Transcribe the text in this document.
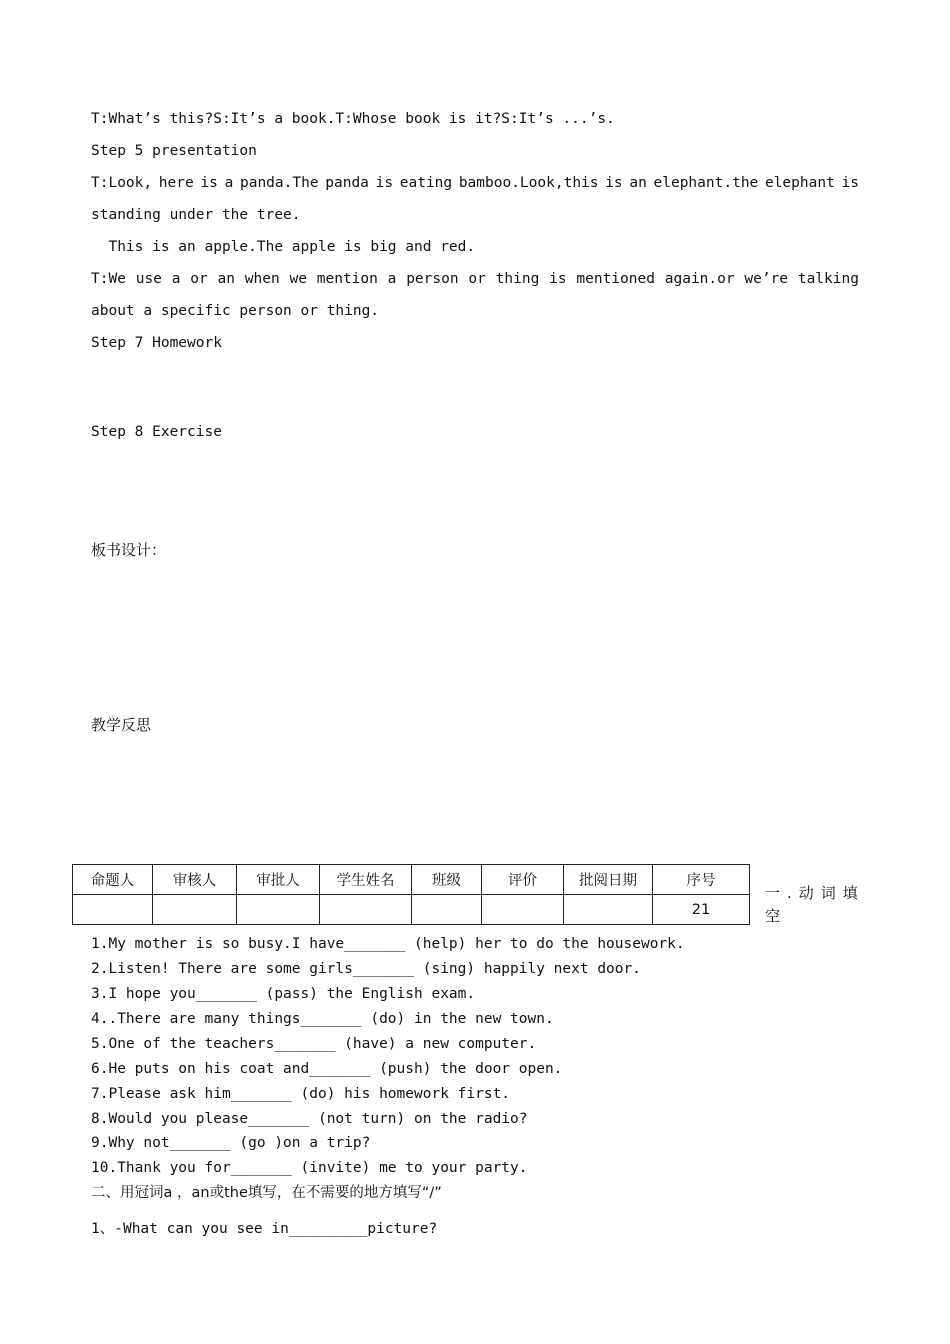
T:What’s this?S:It’s a book.T:Whose book is it?S:It’s ...’s.

Step 5 presentation

T:Look, here is a panda.The panda is eating bamboo.Look,this is an elephant.the elephant is

standing under the tree.

This is an apple.The apple is big and red.

T:We use a or an when we mention a person or thing is mentioned again.or we’re talking

about a specific person or thing.

Step 7 Homework

Step 8 Exercise

板书设计：

教学反思

命题人	审核人	审批人	学生姓名	班级	评价	批阅日期	序号
							21
一.动词填空

1.My mother is so busy.I have_______ (help) her to do the housework.

2.Listen! There are some girls_______ (sing) happily next door.

3.I hope you_______ (pass) the English exam.

4..There are many things_______ (do) in the new town.

5.One of the teachers_______ (have) a new computer.

6.He puts on his coat and_______ (push) the door open.

7.Please ask him_______ (do) his homework first.

8.Would you please_______ (not turn) on the radio?

9.Why not_______ (go )on a trip?

10.Thank you for_______ (invite) me to your party.

二、用冠词a ，an或the填写，在不需要的地方填写“/”

1、-What can you see in_________picture?
